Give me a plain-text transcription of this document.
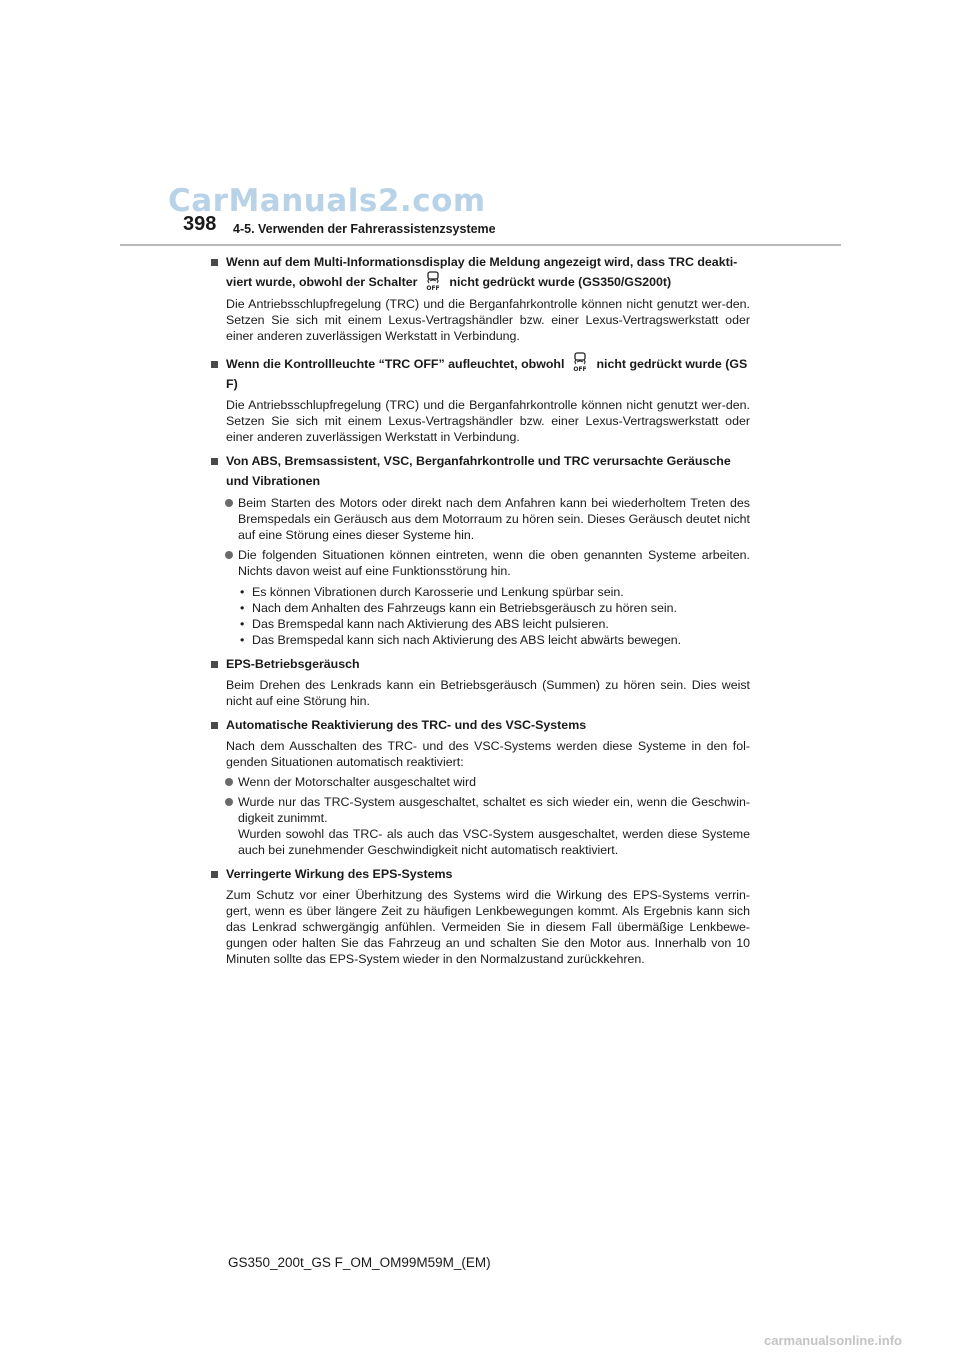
CarManuals2.com
398 4-5. Verwenden der Fahrerassistenzsysteme
Wenn auf dem Multi-Informationsdisplay die Meldung angezeigt wird, dass TRC deakti-
viert wurde, obwohl der Schalter OFF nicht gedrückt wurde (GS350/GS200t)
Die Antriebsschlupfregelung (TRC) und die Berganfahrkontrolle können nicht genutzt wer-den. Setzen Sie sich mit einem Lexus-Vertragshändler bzw. einer Lexus-Vertragswerkstatt oder einer anderen zuverlässigen Werkstatt in Verbindung.
Wenn die Kontrollleuchte “TRC OFF” aufleuchtet, obwohl OFF nicht gedrückt wurde (GS F)
Die Antriebsschlupfregelung (TRC) und die Berganfahrkontrolle können nicht genutzt wer-den. Setzen Sie sich mit einem Lexus-Vertragshändler bzw. einer Lexus-Vertragswerkstatt oder einer anderen zuverlässigen Werkstatt in Verbindung.
Von ABS, Bremsassistent, VSC, Berganfahrkontrolle und TRC verursachte Geräusche und Vibrationen
Beim Starten des Motors oder direkt nach dem Anfahren kann bei wiederholtem Treten des Bremspedals ein Geräusch aus dem Motorraum zu hören sein. Dieses Geräusch deutet nicht auf eine Störung eines dieser Systeme hin.
Die folgenden Situationen können eintreten, wenn die oben genannten Systeme arbeiten. Nichts davon weist auf eine Funktionsstörung hin.
• Es können Vibrationen durch Karosserie und Lenkung spürbar sein.
• Nach dem Anhalten des Fahrzeugs kann ein Betriebsgeräusch zu hören sein.
• Das Bremspedal kann nach Aktivierung des ABS leicht pulsieren.
• Das Bremspedal kann sich nach Aktivierung des ABS leicht abwärts bewegen.
EPS-Betriebsgeräusch
Beim Drehen des Lenkrads kann ein Betriebsgeräusch (Summen) zu hören sein. Dies weist nicht auf eine Störung hin.
Automatische Reaktivierung des TRC- und des VSC-Systems
Nach dem Ausschalten des TRC- und des VSC-Systems werden diese Systeme in den fol-genden Situationen automatisch reaktiviert:
Wenn der Motorschalter ausgeschaltet wird
Wurde nur das TRC-System ausgeschaltet, schaltet es sich wieder ein, wenn die Geschwin-digkeit zunimmt.
Wurden sowohl das TRC- als auch das VSC-System ausgeschaltet, werden diese Systeme auch bei zunehmender Geschwindigkeit nicht automatisch reaktiviert.
Verringerte Wirkung des EPS-Systems
Zum Schutz vor einer Überhitzung des Systems wird die Wirkung des EPS-Systems verrin-gert, wenn es über längere Zeit zu häufigen Lenkbewegungen kommt. Als Ergebnis kann sich das Lenkrad schwergängig anfühlen. Vermeiden Sie in diesem Fall übermäßige Lenkbewe-gungen oder halten Sie das Fahrzeug an und schalten Sie den Motor aus. Innerhalb von 10 Minuten sollte das EPS-System wieder in den Normalzustand zurückkehren.
GS350_200t_GS F_OM_OM99M59M_(EM)
carmanualsonline.info
